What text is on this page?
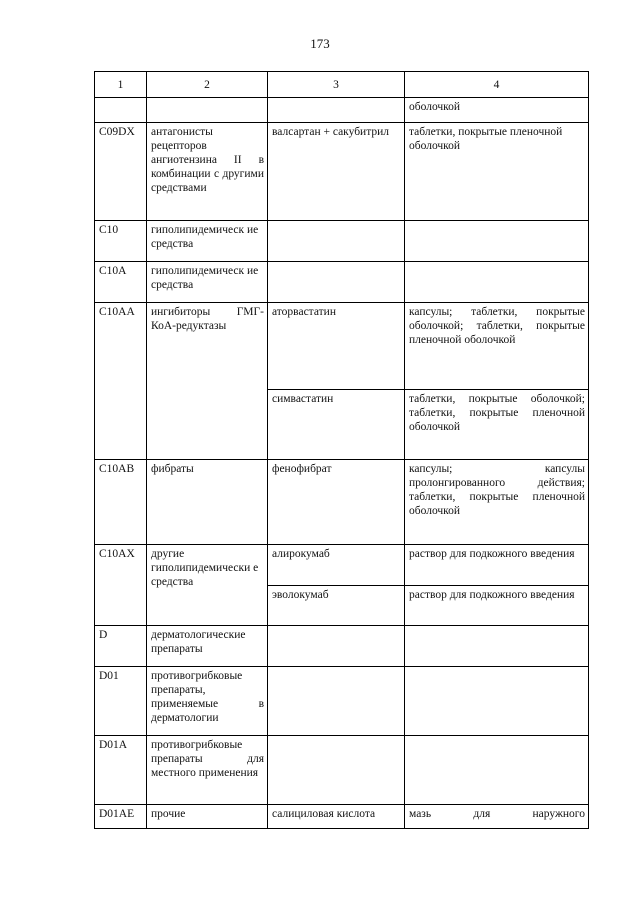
173
1	2	3	4
			оболочкой
C09DX	антагонисты рецепторов ангиотензина II в комбинации с другими средствами	валсартан + сакубитрил	таблетки, покрытые пленочной оболочкой
C10	гиполипидемическ ие средства		
C10A	гиполипидемическ ие средства		
C10AA	ингибиторы ГМГ-КоА-редуктазы	аторвастатин	капсулы; таблетки, покрытые оболочкой; таблетки, покрытые пленочной оболочкой
		симвастатин	таблетки, покрытые оболочкой; таблетки, покрытые пленочной оболочкой
C10AB	фибраты	фенофибрат	капсулы; капсулы пролонгированного действия; таблетки, покрытые пленочной оболочкой
C10AX	другие гиполипидемически е средства	алирокумаб	раствор для подкожного введения
		эволокумаб	раствор для подкожного введения
D	дерматологические препараты		
D01	противогрибковые препараты, применяемые в дерматологии		
D01A	противогрибковые препараты для местного применения		
D01AE	прочие	салициловая кислота	мазь для наружного
